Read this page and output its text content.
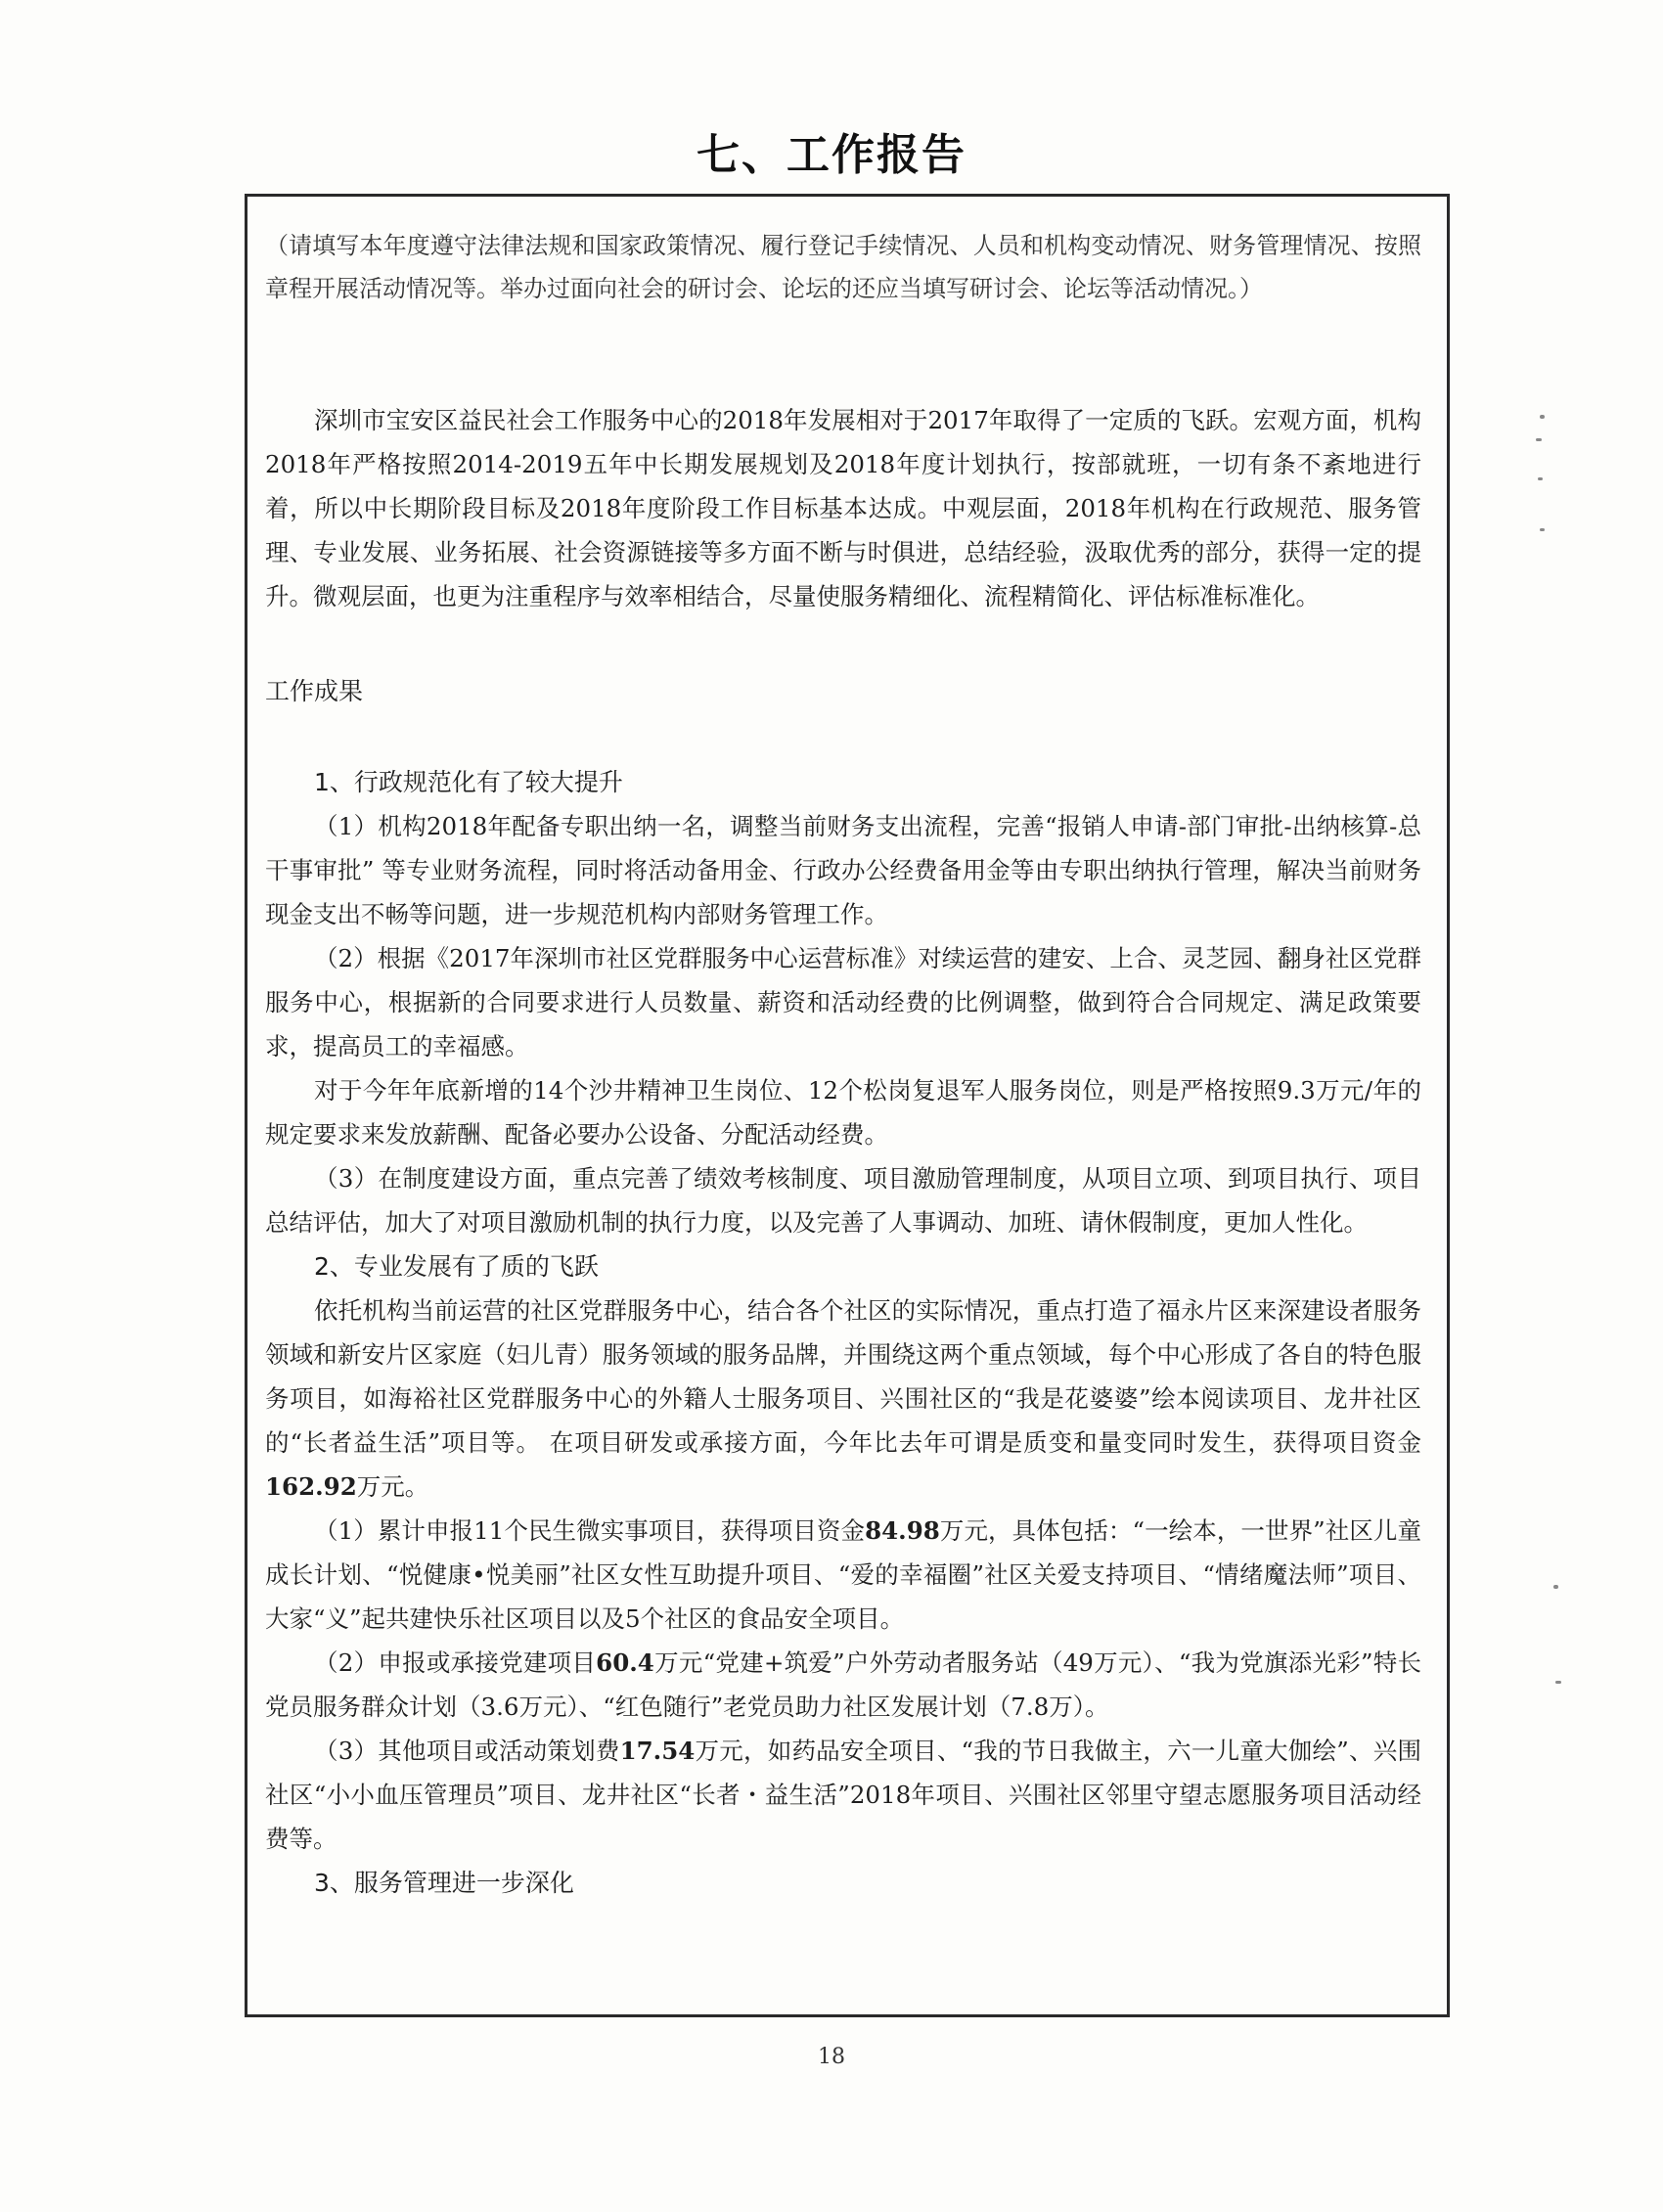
七、工作报告

（请填写本年度遵守法律法规和国家政策情况、履行登记手续情况、人员和机构变动情况、财务管理情况、按照章程开展活动情况等。举办过面向社会的研讨会、论坛的还应当填写研讨会、论坛等活动情况。）

深圳市宝安区益民社会工作服务中心的2018年发展相对于2017年取得了一定质的飞跃。宏观方面，机构2018年严格按照2014-2019五年中长期发展规划及2018年度计划执行，按部就班，一切有条不紊地进行着，所以中长期阶段目标及2018年度阶段工作目标基本达成。中观层面，2018年机构在行政规范、服务管理、专业发展、业务拓展、社会资源链接等多方面不断与时俱进，总结经验，汲取优秀的部分，获得一定的提升。微观层面，也更为注重程序与效率相结合，尽量使服务精细化、流程精简化、评估标准标准化。

工作成果

1、行政规范化有了较大提升

（1）机构2018年配备专职出纳一名，调整当前财务支出流程，完善“报销人申请-部门审批-出纳核算-总干事审批” 等专业财务流程，同时将活动备用金、行政办公经费备用金等由专职出纳执行管理，解决当前财务现金支出不畅等问题，进一步规范机构内部财务管理工作。

（2）根据《2017年深圳市社区党群服务中心运营标准》对续运营的建安、上合、灵芝园、翻身社区党群服务中心，根据新的合同要求进行人员数量、薪资和活动经费的比例调整，做到符合合同规定、满足政策要求，提高员工的幸福感。

对于今年年底新增的14个沙井精神卫生岗位、12个松岗复退军人服务岗位，则是严格按照9.3万元/年的规定要求来发放薪酬、配备必要办公设备、分配活动经费。

（3）在制度建设方面，重点完善了绩效考核制度、项目激励管理制度，从项目立项、到项目执行、项目总结评估，加大了对项目激励机制的执行力度，以及完善了人事调动、加班、请休假制度，更加人性化。

2、专业发展有了质的飞跃

依托机构当前运营的社区党群服务中心，结合各个社区的实际情况，重点打造了福永片区来深建设者服务领域和新安片区家庭（妇儿青）服务领域的服务品牌，并围绕这两个重点领域，每个中心形成了各自的特色服务项目，如海裕社区党群服务中心的外籍人士服务项目、兴围社区的“我是花婆婆”绘本阅读项目、龙井社区的“长者益生活”项目等。 在项目研发或承接方面，今年比去年可谓是质变和量变同时发生，获得项目资金162.92万元。

（1）累计申报11个民生微实事项目，获得项目资金84.98万元，具体包括：“一绘本，一世界”社区儿童成长计划、“悦健康•悦美丽”社区女性互助提升项目、“爱的幸福圈”社区关爱支持项目、“情绪魔法师”项目、 大家“义”起共建快乐社区项目以及5个社区的食品安全项目。

（2）申报或承接党建项目60.4万元“党建+筑爱”户外劳动者服务站（49万元）、“我为党旗添光彩”特长党员服务群众计划（3.6万元）、“红色随行”老党员助力社区发展计划（7.8万）。

（3）其他项目或活动策划费17.54万元，如药品安全项目、“我的节日我做主，六一儿童大伽绘”、兴围社区“小小血压管理员”项目、龙井社区“长者・益生活”2018年项目、兴围社区邻里守望志愿服务项目活动经费等。

3、服务管理进一步深化

18
